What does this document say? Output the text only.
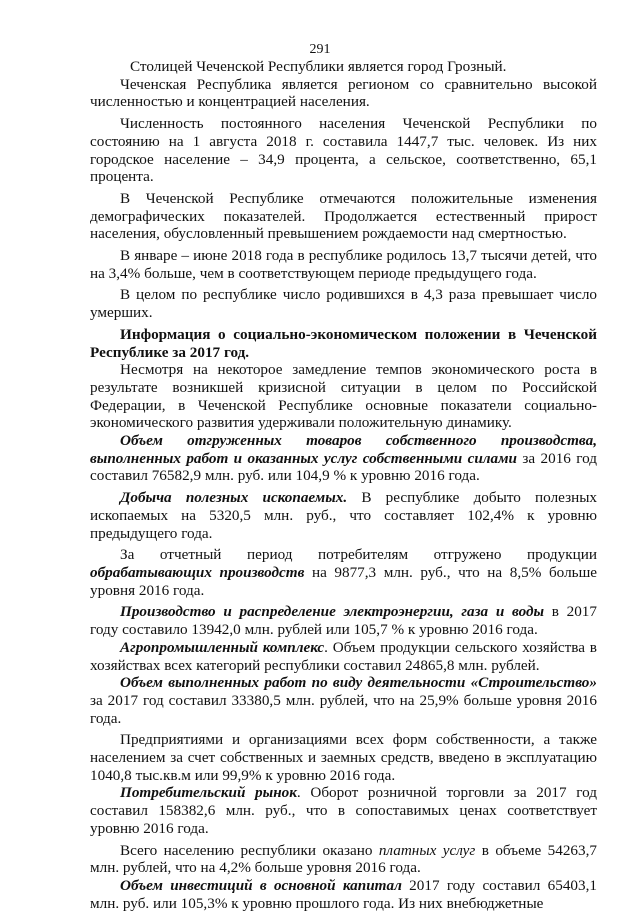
291

Столицей Чеченской Республики является город Грозный.

Чеченская Республика является регионом со сравнительно высокой численностью и концентрацией населения.

Численность постоянного населения Чеченской Республики по состоянию на 1 августа 2018 г. составила 1447,7 тыс. человек. Из них городское население – 34,9 процента, а сельское, соответственно, 65,1 процента.

В Чеченской Республике отмечаются положительные изменения демографических показателей. Продолжается естественный прирост населения, обусловленный превышением рождаемости над смертностью.

В январе – июне 2018 года в республике родилось 13,7 тысячи детей, что на 3,4% больше, чем в соответствующем периоде предыдущего года.

В целом по республике число родившихся в 4,3 раза превышает число умерших.

Информация о социально-экономическом положении в Чеченской Республике за 2017 год.

Несмотря на некоторое замедление темпов экономического роста в результате возникшей кризисной ситуации в целом по Российской Федерации, в Чеченской Республике основные показатели социально-экономического развития удерживали положительную динамику.

Объем отгруженных товаров собственного производства, выполненных работ и оказанных услуг собственными силами за 2016 год составил 76582,9 млн. руб. или 104,9 % к уровню 2016 года.

Добыча полезных ископаемых. В республике добыто полезных ископаемых на 5320,5 млн. руб., что составляет 102,4% к уровню предыдущего года.

За отчетный период потребителям отгружено продукции обрабатывающих производств на 9877,3 млн. руб., что на 8,5% больше уровня 2016 года.

Производство и распределение электроэнергии, газа и воды в 2017 году составило 13942,0 млн. рублей или 105,7 % к уровню 2016 года.

Агропромышленный комплекс. Объем продукции сельского хозяйства в хозяйствах всех категорий республики составил 24865,8 млн. рублей.

Объем выполненных работ по виду деятельности «Строительство» за 2017 год составил 33380,5 млн. рублей, что на 25,9% больше уровня 2016 года.

Предприятиями и организациями всех форм собственности, а также населением за счет собственных и заемных средств, введено в эксплуатацию 1040,8 тыс.кв.м или 99,9% к уровню 2016 года.

Потребительский рынок. Оборот розничной торговли за 2017 год составил 158382,6 млн. руб., что в сопоставимых ценах соответствует уровню 2016 года.

Всего населению республики оказано платных услуг в объеме 54263,7 млн. рублей, что на 4,2% больше уровня 2016 года.

Объем инвестиций в основной капитал 2017 году составил 65403,1 млн. руб. или 105,3% к уровню прошлого года. Из них внебюджетные
